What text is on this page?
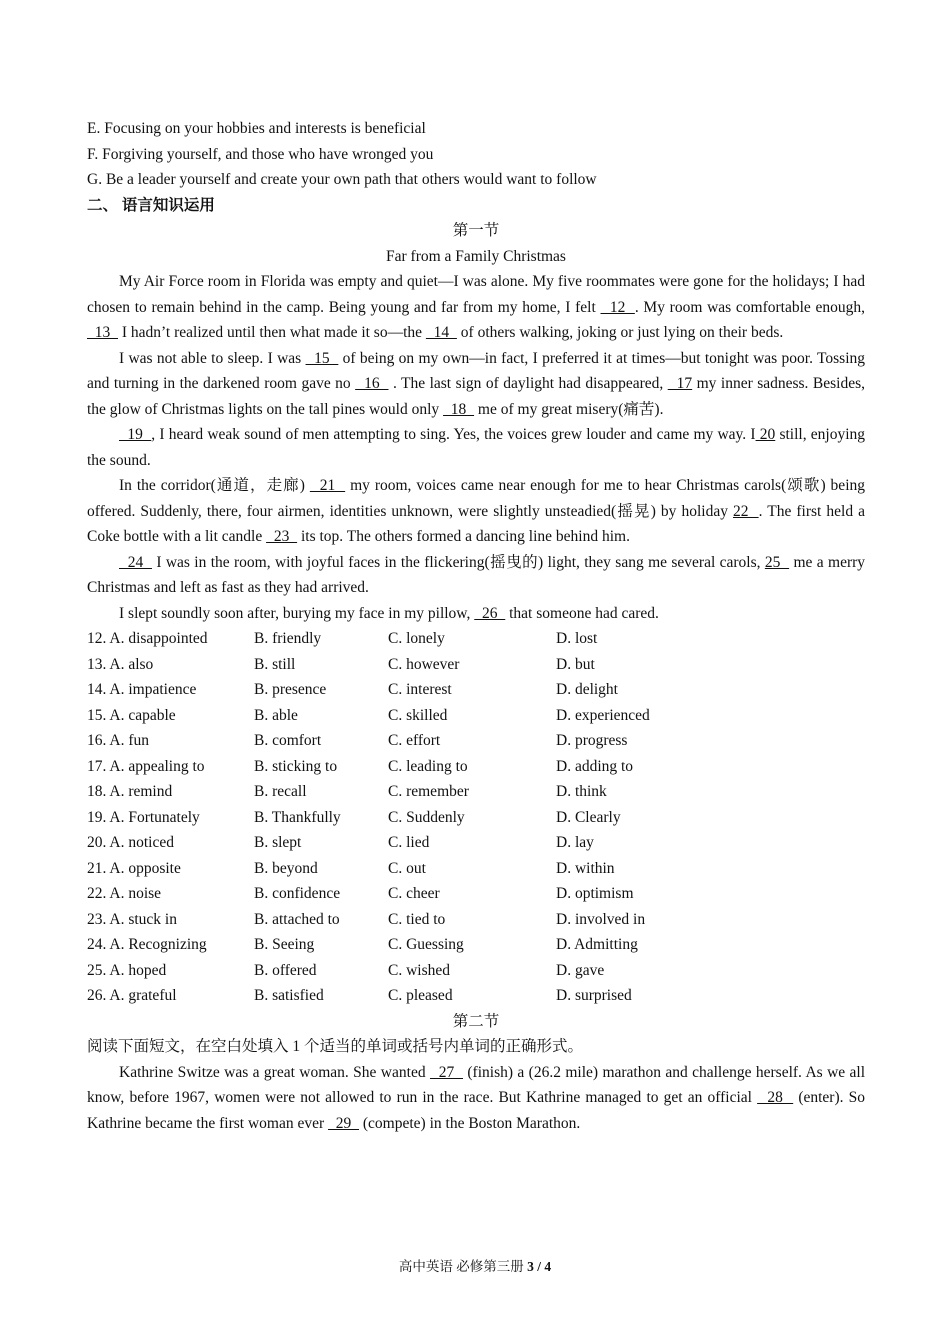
E. Focusing on your hobbies and interests is beneficial

F. Forgiving yourself, and those who have wronged you

G. Be a leader yourself and create your own path that others would want to follow

二、 语言知识运用

第一节

Far from a Family Christmas

My Air Force room in Florida was empty and quiet—I was alone. My five roommates were gone for the holidays; I had chosen to remain behind in the camp. Being young and far from my home, I felt   12  . My room was comfortable enough,   13   I hadn’t realized until then what made it so—the   14   of others walking, joking or just lying on their beds.

I was not able to sleep. I was   15   of being on my own—in fact, I preferred it at times—but tonight was poor. Tossing and turning in the darkened room gave no   16   . The last sign of daylight had disappeared,   17 my inner sadness. Besides, the glow of Christmas lights on the tall pines would only   18   me of my great misery(痛苦).

19  , I heard weak sound of men attempting to sing. Yes, the voices grew louder and came my way. I 20 still, enjoying the sound.

In the corridor(通道，走廊)   21   my room, voices came near enough for me to hear Christmas carols(颂歌) being offered. Suddenly, there, four airmen, identities unknown, were slightly unsteadied(摇晃) by holiday 22  . The first held a Coke bottle with a lit candle   23   its top. The others formed a dancing line behind him.

24   I was in the room, with joyful faces in the flickering(摇曳的) light, they sang me several carols, 25   me a merry Christmas and left as fast as they had arrived.

I slept soundly soon after, burying my face in my pillow,   26   that someone had cared.

12. A. disappointed	B. friendly	C. lonely	D. lost
13. A. also	B. still	C. however	D. but
14. A. impatience	B. presence	C. interest	D. delight
15. A. capable	B. able	C. skilled	D. experienced
16. A. fun	B. comfort	C. effort	D. progress
17. A. appealing to	B. sticking to	C. leading to	D. adding to
18. A. remind	B. recall	C. remember	D. think
19. A. Fortunately	B. Thankfully	C. Suddenly	D. Clearly
20. A. noticed	B. slept	C. lied	D. lay
21. A. opposite	B. beyond	C. out	D. within
22. A. noise	B. confidence	C. cheer	D. optimism
23. A. stuck in	B. attached to	C. tied to	D. involved in
24. A. Recognizing	B. Seeing	C. Guessing	D. Admitting
25. A. hoped	B. offered	C. wished	D. gave
26. A. grateful	B. satisfied	C. pleased	D. surprised

第二节

阅读下面短文，在空白处填入 1 个适当的单词或括号内单词的正确形式。

Kathrine Switze was a great woman. She wanted   27   (finish) a (26.2 mile) marathon and challenge herself. As we all know, before 1967, women were not allowed to run in the race. But Kathrine managed to get an official   28   (enter). So Kathrine became the first woman ever   29   (compete) in the Boston Marathon.

高中英语 必修第三册 3 / 4
